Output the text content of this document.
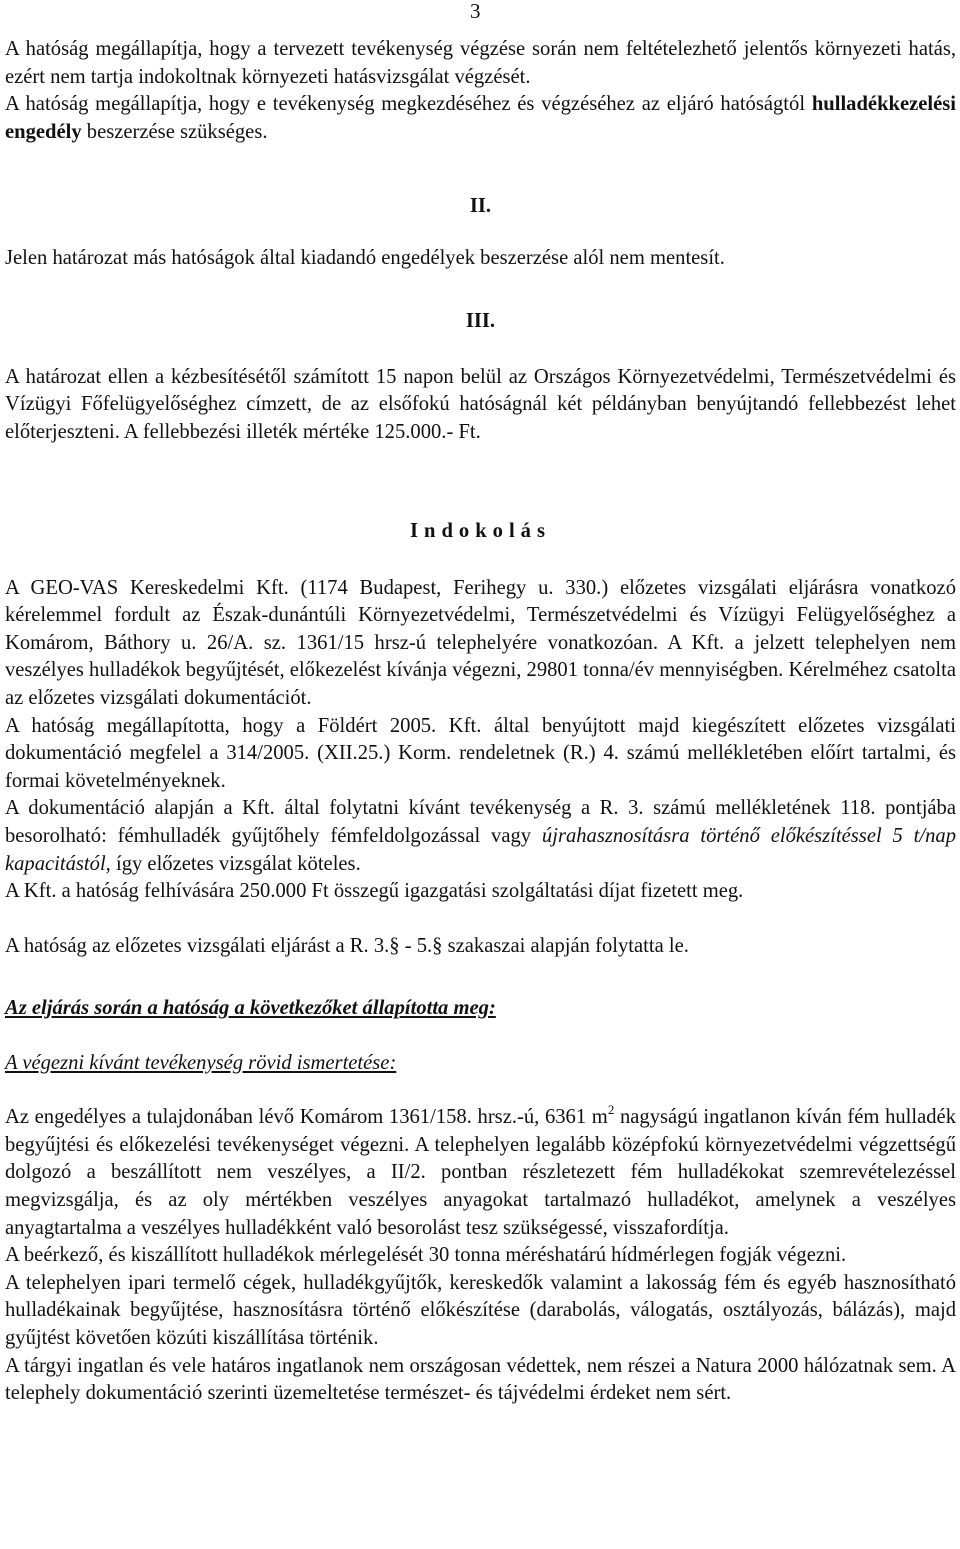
3

A hatóság megállapítja, hogy a tervezett tevékenység végzése során nem feltételezhető jelentős környezeti hatás, ezért nem tartja indokoltnak környezeti hatásvizsgálat végzését.

A hatóság megállapítja, hogy e tevékenység megkezdéséhez és végzéséhez az eljáró hatóságtól hulladékkezelési engedély beszerzése szükséges.

II.

Jelen határozat más hatóságok által kiadandó engedélyek beszerzése alól nem mentesít.

III.

A határozat ellen a kézbesítésétől számított 15 napon belül az Országos Környezetvédelmi, Természetvédelmi és Vízügyi Főfelügyelőséghez címzett, de az elsőfokú hatóságnál két példányban benyújtandó fellebbezést lehet előterjeszteni. A fellebbezési illeték mértéke 125.000.- Ft.

Indokolás

A GEO-VAS Kereskedelmi Kft. (1174 Budapest, Ferihegy u. 330.) előzetes vizsgálati eljárásra vonatkozó kérelemmel fordult az Észak-dunántúli Környezetvédelmi, Természetvédelmi és Vízügyi Felügyelőséghez a Komárom, Báthory u. 26/A. sz. 1361/15 hrsz-ú telephelyére vonatkozóan. A Kft. a jelzett telephelyen nem veszélyes hulladékok begyűjtését, előkezelést kívánja végezni, 29801 tonna/év mennyiségben. Kérelméhez csatolta az előzetes vizsgálati dokumentációt.

A hatóság megállapította, hogy a Földért 2005. Kft. által benyújtott majd kiegészített előzetes vizsgálati dokumentáció megfelel a 314/2005. (XII.25.) Korm. rendeletnek (R.) 4. számú mellékletében előírt tartalmi, és formai követelményeknek.

A dokumentáció alapján a Kft. által folytatni kívánt tevékenység a R. 3. számú mellékletének 118. pontjába besorolható: fémhulladék gyűjtőhely fémfeldolgozással vagy újrahasznosításra történő előkészítéssel 5 t/nap kapacitástól, így előzetes vizsgálat köteles.

A Kft. a hatóság felhívására 250.000 Ft összegű igazgatási szolgáltatási díjat fizetett meg.

A hatóság az előzetes vizsgálati eljárást a R. 3.§ - 5.§ szakaszai alapján folytatta le.

Az eljárás során a hatóság a következőket állapította meg:

A végezni kívánt tevékenység rövid ismertetése:

Az engedélyes a tulajdonában lévő Komárom 1361/158. hrsz.-ú, 6361 $m^2$ nagyságú ingatlanon kíván fém hulladék begyűjtési és előkezelési tevékenységet végezni. A telephelyen legalább középfokú környezetvédelmi végzettségű dolgozó a beszállított nem veszélyes, a II/2. pontban részletezett fém hulladékokat szemrevételezéssel megvizsgálja, és az oly mértékben veszélyes anyagokat tartalmazó hulladékot, amelynek a veszélyes anyagtartalma a veszélyes hulladékként való besorolást tesz szükségessé, visszafordítja.

A beérkező, és kiszállított hulladékok mérlegelését 30 tonna méréshatárú hídmérlegen fogják végezni.

A telephelyen ipari termelő cégek, hulladékgyűjtők, kereskedők valamint a lakosság fém és egyéb hasznosítható hulladékainak begyűjtése, hasznosításra történő előkészítése (darabolás, válogatás, osztályozás, bálázás), majd gyűjtést követően közúti kiszállítása történik.

A tárgyi ingatlan és vele határos ingatlanok nem országosan védettek, nem részei a Natura 2000 hálózatnak sem. A telephely dokumentáció szerinti üzemeltetése természet- és tájvédelmi érdeket nem sért.
